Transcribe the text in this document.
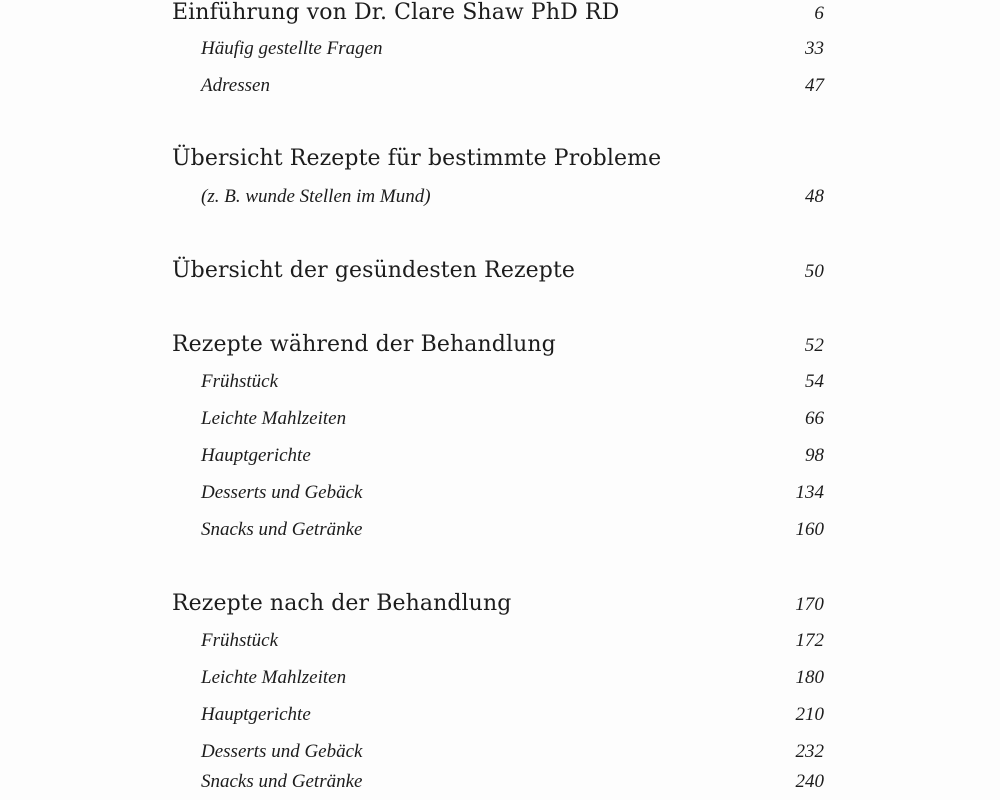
Einführung von Dr. Clare Shaw PhD RD	6
Häufig gestellte Fragen	33
Adressen	47
Übersicht Rezepte für bestimmte Probleme
(z. B. wunde Stellen im Mund)	48
Übersicht der gesündesten Rezepte	50
Rezepte während der Behandlung	52
Frühstück	54
Leichte Mahlzeiten	66
Hauptgerichte	98
Desserts und Gebäck	134
Snacks und Getränke	160
Rezepte nach der Behandlung	170
Frühstück	172
Leichte Mahlzeiten	180
Hauptgerichte	210
Desserts und Gebäck	232
Snacks und Getränke	240
